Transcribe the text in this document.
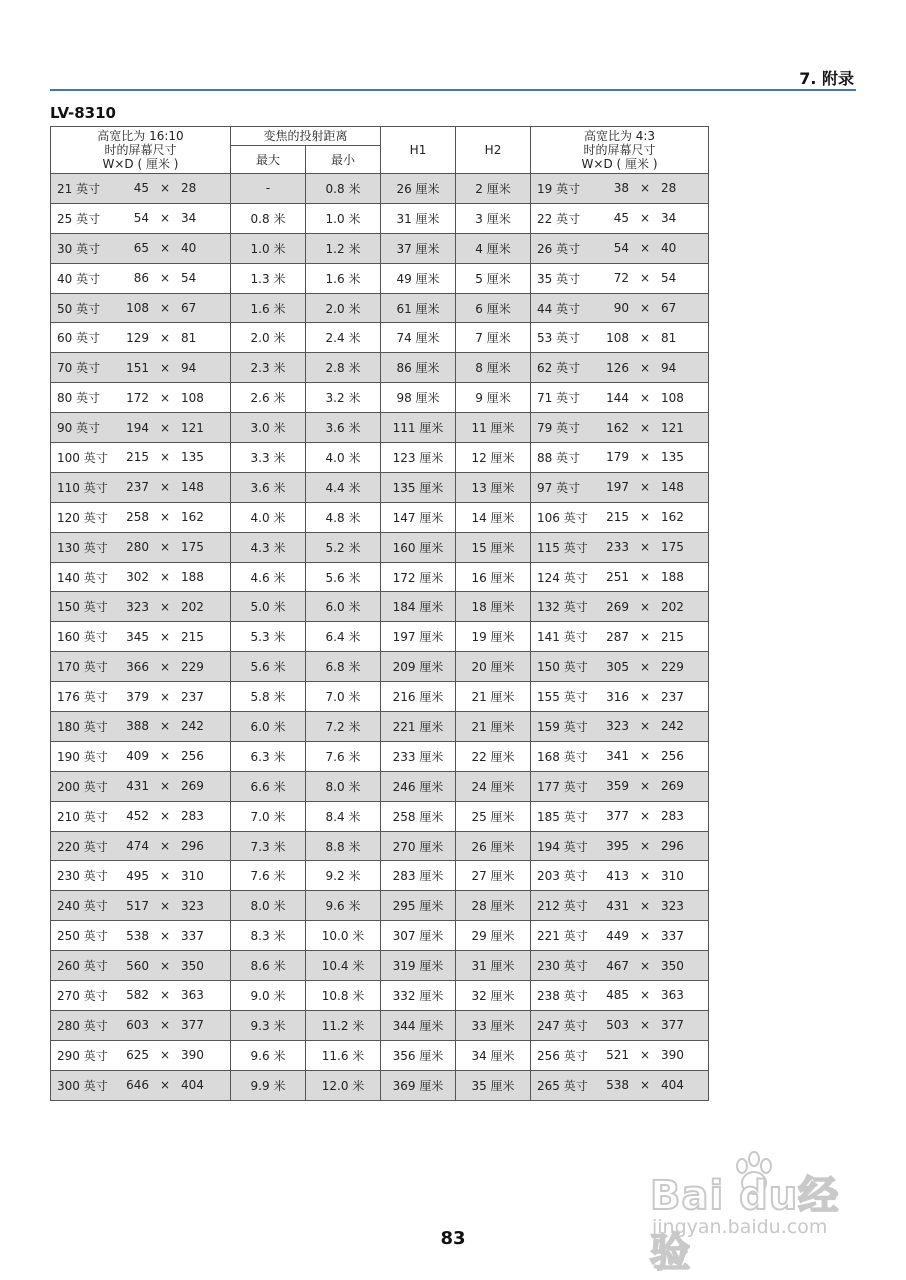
7. 附录
LV-8310
高宽比为 16:10
时的屏幕尺寸
W×D ( 厘米 )	变焦的投射距离		H1	H2	高宽比为 4:3
时的屏幕尺寸
W×D ( 厘米 )
	最大	最小			

21 英寸 45 × 28	-	0.8 米	26 厘米	2 厘米	19 英寸 38 × 28

25 英寸 54 × 34	0.8 米	1.0 米	31 厘米	3 厘米	22 英寸 45 × 34

30 英寸 65 × 40	1.0 米	1.2 米	37 厘米	4 厘米	26 英寸 54 × 40

40 英寸 86 × 54	1.3 米	1.6 米	49 厘米	5 厘米	35 英寸 72 × 54

50 英寸 108 × 67	1.6 米	2.0 米	61 厘米	6 厘米	44 英寸 90 × 67

60 英寸 129 × 81	2.0 米	2.4 米	74 厘米	7 厘米	53 英寸 108 × 81

70 英寸 151 × 94	2.3 米	2.8 米	86 厘米	8 厘米	62 英寸 126 × 94

80 英寸 172 × 108	2.6 米	3.2 米	98 厘米	9 厘米	71 英寸 144 × 108

90 英寸 194 × 121	3.0 米	3.6 米	111 厘米	11 厘米	79 英寸 162 × 121

100 英寸 215 × 135	3.3 米	4.0 米	123 厘米	12 厘米	88 英寸 179 × 135

110 英寸 237 × 148	3.6 米	4.4 米	135 厘米	13 厘米	97 英寸 197 × 148

120 英寸 258 × 162	4.0 米	4.8 米	147 厘米	14 厘米	106 英寸 215 × 162

130 英寸 280 × 175	4.3 米	5.2 米	160 厘米	15 厘米	115 英寸 233 × 175

140 英寸 302 × 188	4.6 米	5.6 米	172 厘米	16 厘米	124 英寸 251 × 188

150 英寸 323 × 202	5.0 米	6.0 米	184 厘米	18 厘米	132 英寸 269 × 202

160 英寸 345 × 215	5.3 米	6.4 米	197 厘米	19 厘米	141 英寸 287 × 215

170 英寸 366 × 229	5.6 米	6.8 米	209 厘米	20 厘米	150 英寸 305 × 229

176 英寸 379 × 237	5.8 米	7.0 米	216 厘米	21 厘米	155 英寸 316 × 237

180 英寸 388 × 242	6.0 米	7.2 米	221 厘米	21 厘米	159 英寸 323 × 242

190 英寸 409 × 256	6.3 米	7.6 米	233 厘米	22 厘米	168 英寸 341 × 256

200 英寸 431 × 269	6.6 米	8.0 米	246 厘米	24 厘米	177 英寸 359 × 269

210 英寸 452 × 283	7.0 米	8.4 米	258 厘米	25 厘米	185 英寸 377 × 283

220 英寸 474 × 296	7.3 米	8.8 米	270 厘米	26 厘米	194 英寸 395 × 296

230 英寸 495 × 310	7.6 米	9.2 米	283 厘米	27 厘米	203 英寸 413 × 310

240 英寸 517 × 323	8.0 米	9.6 米	295 厘米	28 厘米	212 英寸 431 × 323

250 英寸 538 × 337	8.3 米	10.0 米	307 厘米	29 厘米	221 英寸 449 × 337

260 英寸 560 × 350	8.6 米	10.4 米	319 厘米	31 厘米	230 英寸 467 × 350

270 英寸 582 × 363	9.0 米	10.8 米	332 厘米	32 厘米	238 英寸 485 × 363

280 英寸 603 × 377	9.3 米	11.2 米	344 厘米	33 厘米	247 英寸 503 × 377

290 英寸 625 × 390	9.6 米	11.6 米	356 厘米	34 厘米	256 英寸 521 × 390

300 英寸 646 × 404	9.9 米	12.0 米	369 厘米	35 厘米	265 英寸 538 × 404
Bai du经验
jingyan.baidu.com
83
